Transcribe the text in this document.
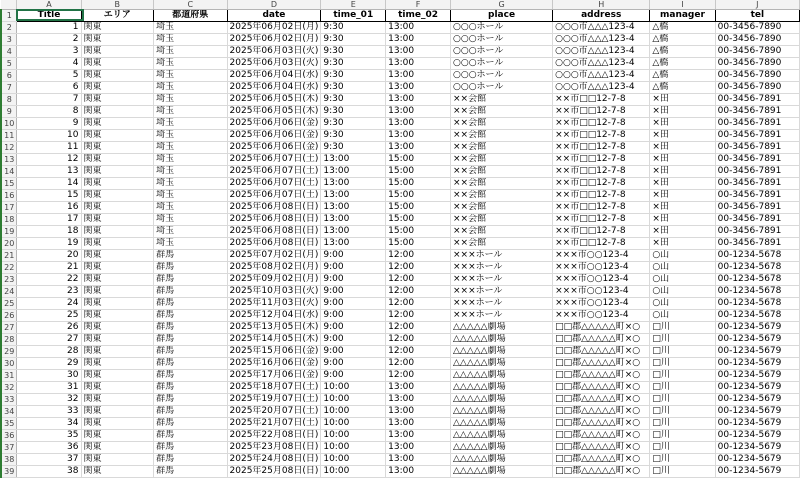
	A	B	C	D	E	F	G	H	I	J
1	Title	エリア	都道府県	date	time_01	time_02	place	address	manager	tel
2	1	関東	埼玉	2025年06月02日(月)	9:30	13:00	○○○ホール	○○○市△△△123-4	△橋	00-3456-7890
3	2	関東	埼玉	2025年06月02日(月)	9:30	13:00	○○○ホール	○○○市△△△123-4	△橋	00-3456-7890
4	3	関東	埼玉	2025年06月03日(火)	9:30	13:00	○○○ホール	○○○市△△△123-4	△橋	00-3456-7890
5	4	関東	埼玉	2025年06月03日(火)	9:30	13:00	○○○ホール	○○○市△△△123-4	△橋	00-3456-7890
6	5	関東	埼玉	2025年06月04日(水)	9:30	13:00	○○○ホール	○○○市△△△123-4	△橋	00-3456-7890
7	6	関東	埼玉	2025年06月04日(水)	9:30	13:00	○○○ホール	○○○市△△△123-4	△橋	00-3456-7890
8	7	関東	埼玉	2025年06月05日(木)	9:30	13:00	××会館	××市□□12-7-8	×田	00-3456-7891
9	8	関東	埼玉	2025年06月05日(木)	9:30	13:00	××会館	××市□□12-7-8	×田	00-3456-7891
10	9	関東	埼玉	2025年06月06日(金)	9:30	13:00	××会館	××市□□12-7-8	×田	00-3456-7891
11	10	関東	埼玉	2025年06月06日(金)	9:30	13:00	××会館	××市□□12-7-8	×田	00-3456-7891
12	11	関東	埼玉	2025年06月06日(金)	9:30	13:00	××会館	××市□□12-7-8	×田	00-3456-7891
13	12	関東	埼玉	2025年06月07日(土)	13:00	15:00	××会館	××市□□12-7-8	×田	00-3456-7891
14	13	関東	埼玉	2025年06月07日(土)	13:00	15:00	××会館	××市□□12-7-8	×田	00-3456-7891
15	14	関東	埼玉	2025年06月07日(土)	13:00	15:00	××会館	××市□□12-7-8	×田	00-3456-7891
16	15	関東	埼玉	2025年06月07日(土)	13:00	15:00	××会館	××市□□12-7-8	×田	00-3456-7891
17	16	関東	埼玉	2025年06月08日(日)	13:00	15:00	××会館	××市□□12-7-8	×田	00-3456-7891
18	17	関東	埼玉	2025年06月08日(日)	13:00	15:00	××会館	××市□□12-7-8	×田	00-3456-7891
19	18	関東	埼玉	2025年06月08日(日)	13:00	15:00	××会館	××市□□12-7-8	×田	00-3456-7891
20	19	関東	埼玉	2025年06月08日(日)	13:00	15:00	××会館	××市□□12-7-8	×田	00-3456-7891
21	20	関東	群馬	2025年07月02日(月)	9:00	12:00	×××ホール	×××市○○123-4	○山	00-1234-5678
22	21	関東	群馬	2025年08月02日(月)	9:00	12:00	×××ホール	×××市○○123-4	○山	00-1234-5678
23	22	関東	群馬	2025年09月02日(月)	9:00	12:00	×××ホール	×××市○○123-4	○山	00-1234-5678
24	23	関東	群馬	2025年10月03日(火)	9:00	12:00	×××ホール	×××市○○123-4	○山	00-1234-5678
25	24	関東	群馬	2025年11月03日(火)	9:00	12:00	×××ホール	×××市○○123-4	○山	00-1234-5678
26	25	関東	群馬	2025年12月04日(水)	9:00	12:00	×××ホール	×××市○○123-4	○山	00-1234-5678
27	26	関東	群馬	2025年13月05日(木)	9:00	12:00	△△△△△劇場	□□郡△△△△△町×○	□川	00-1234-5679
28	27	関東	群馬	2025年14月05日(木)	9:00	12:00	△△△△△劇場	□□郡△△△△△町×○	□川	00-1234-5679
29	28	関東	群馬	2025年15月06日(金)	9:00	12:00	△△△△△劇場	□□郡△△△△△町×○	□川	00-1234-5679
30	29	関東	群馬	2025年16月06日(金)	9:00	12:00	△△△△△劇場	□□郡△△△△△町×○	□川	00-1234-5679
31	30	関東	群馬	2025年17月06日(金)	9:00	12:00	△△△△△劇場	□□郡△△△△△町×○	□川	00-1234-5679
32	31	関東	群馬	2025年18月07日(土)	10:00	13:00	△△△△△劇場	□□郡△△△△△町×○	□川	00-1234-5679
33	32	関東	群馬	2025年19月07日(土)	10:00	13:00	△△△△△劇場	□□郡△△△△△町×○	□川	00-1234-5679
34	33	関東	群馬	2025年20月07日(土)	10:00	13:00	△△△△△劇場	□□郡△△△△△町×○	□川	00-1234-5679
35	34	関東	群馬	2025年21月07日(土)	10:00	13:00	△△△△△劇場	□□郡△△△△△町×○	□川	00-1234-5679
36	35	関東	群馬	2025年22月08日(日)	10:00	13:00	△△△△△劇場	□□郡△△△△△町×○	□川	00-1234-5679
37	36	関東	群馬	2025年23月08日(日)	10:00	13:00	△△△△△劇場	□□郡△△△△△町×○	□川	00-1234-5679
38	37	関東	群馬	2025年24月08日(日)	10:00	13:00	△△△△△劇場	□□郡△△△△△町×○	□川	00-1234-5679
39	38	関東	群馬	2025年25月08日(日)	10:00	13:00	△△△△△劇場	□□郡△△△△△町×○	□川	00-1234-5679
